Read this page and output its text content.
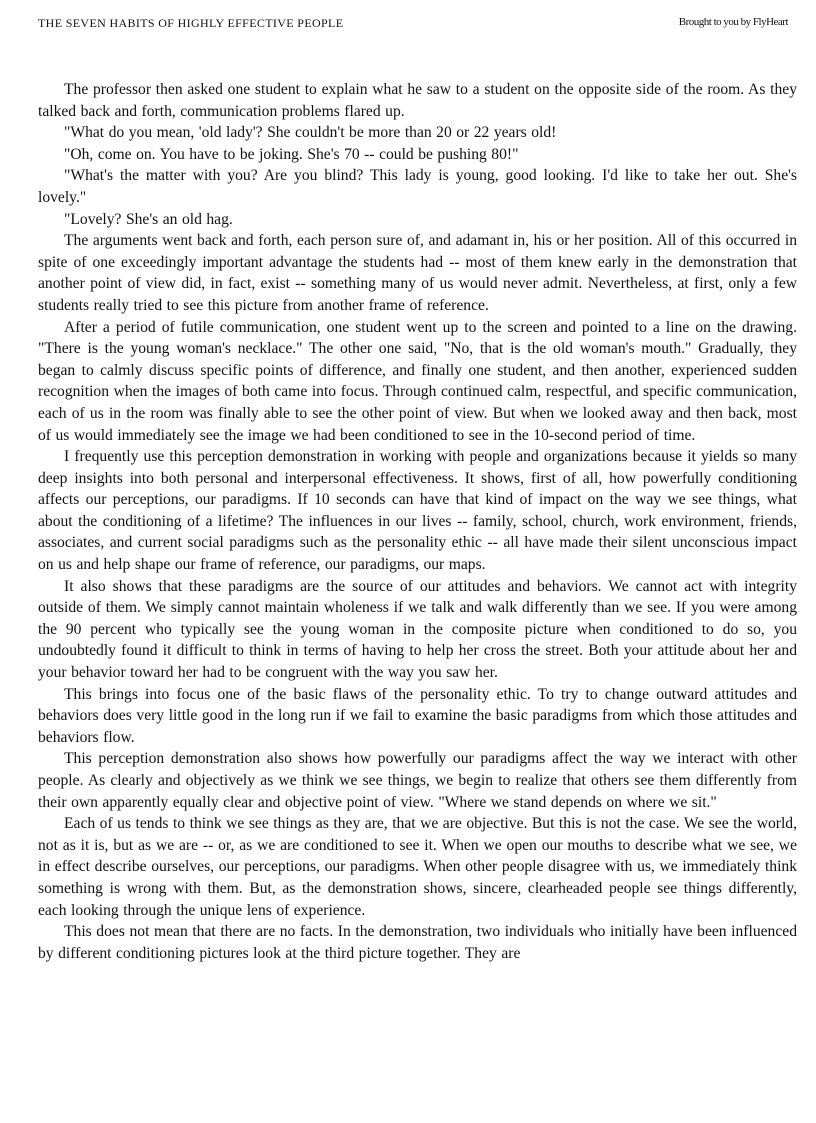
THE SEVEN HABITS OF HIGHLY EFFECTIVE PEOPLE	Brought to you by FlyHeart

The professor then asked one student to explain what he saw to a student on the opposite side of the room. As they talked back and forth, communication problems flared up.

"What do you mean, 'old lady'? She couldn't be more than 20 or 22 years old!

"Oh, come on. You have to be joking. She's 70 -- could be pushing 80!"

"What's the matter with you? Are you blind? This lady is young, good looking. I'd like to take her out. She's lovely."

"Lovely? She's an old hag.

The arguments went back and forth, each person sure of, and adamant in, his or her position. All of this occurred in spite of one exceedingly important advantage the students had -- most of them knew early in the demonstration that another point of view did, in fact, exist -- something many of us would never admit. Nevertheless, at first, only a few students really tried to see this picture from another frame of reference.

After a period of futile communication, one student went up to the screen and pointed to a line on the drawing. "There is the young woman's necklace." The other one said, "No, that is the old woman's mouth." Gradually, they began to calmly discuss specific points of difference, and finally one student, and then another, experienced sudden recognition when the images of both came into focus. Through continued calm, respectful, and specific communication, each of us in the room was finally able to see the other point of view. But when we looked away and then back, most of us would immediately see the image we had been conditioned to see in the 10-second period of time.

I frequently use this perception demonstration in working with people and organizations because it yields so many deep insights into both personal and interpersonal effectiveness. It shows, first of all, how powerfully conditioning affects our perceptions, our paradigms. If 10 seconds can have that kind of impact on the way we see things, what about the conditioning of a lifetime? The influences in our lives -- family, school, church, work environment, friends, associates, and current social paradigms such as the personality ethic -- all have made their silent unconscious impact on us and help shape our frame of reference, our paradigms, our maps.

It also shows that these paradigms are the source of our attitudes and behaviors. We cannot act with integrity outside of them. We simply cannot maintain wholeness if we talk and walk differently than we see. If you were among the 90 percent who typically see the young woman in the composite picture when conditioned to do so, you undoubtedly found it difficult to think in terms of having to help her cross the street. Both your attitude about her and your behavior toward her had to be congruent with the way you saw her.

This brings into focus one of the basic flaws of the personality ethic. To try to change outward attitudes and behaviors does very little good in the long run if we fail to examine the basic paradigms from which those attitudes and behaviors flow.

This perception demonstration also shows how powerfully our paradigms affect the way we interact with other people. As clearly and objectively as we think we see things, we begin to realize that others see them differently from their own apparently equally clear and objective point of view. "Where we stand depends on where we sit."

Each of us tends to think we see things as they are, that we are objective. But this is not the case. We see the world, not as it is, but as we are -- or, as we are conditioned to see it. When we open our mouths to describe what we see, we in effect describe ourselves, our perceptions, our paradigms. When other people disagree with us, we immediately think something is wrong with them. But, as the demonstration shows, sincere, clearheaded people see things differently, each looking through the unique lens of experience.

This does not mean that there are no facts. In the demonstration, two individuals who initially have been influenced by different conditioning pictures look at the third picture together. They are
